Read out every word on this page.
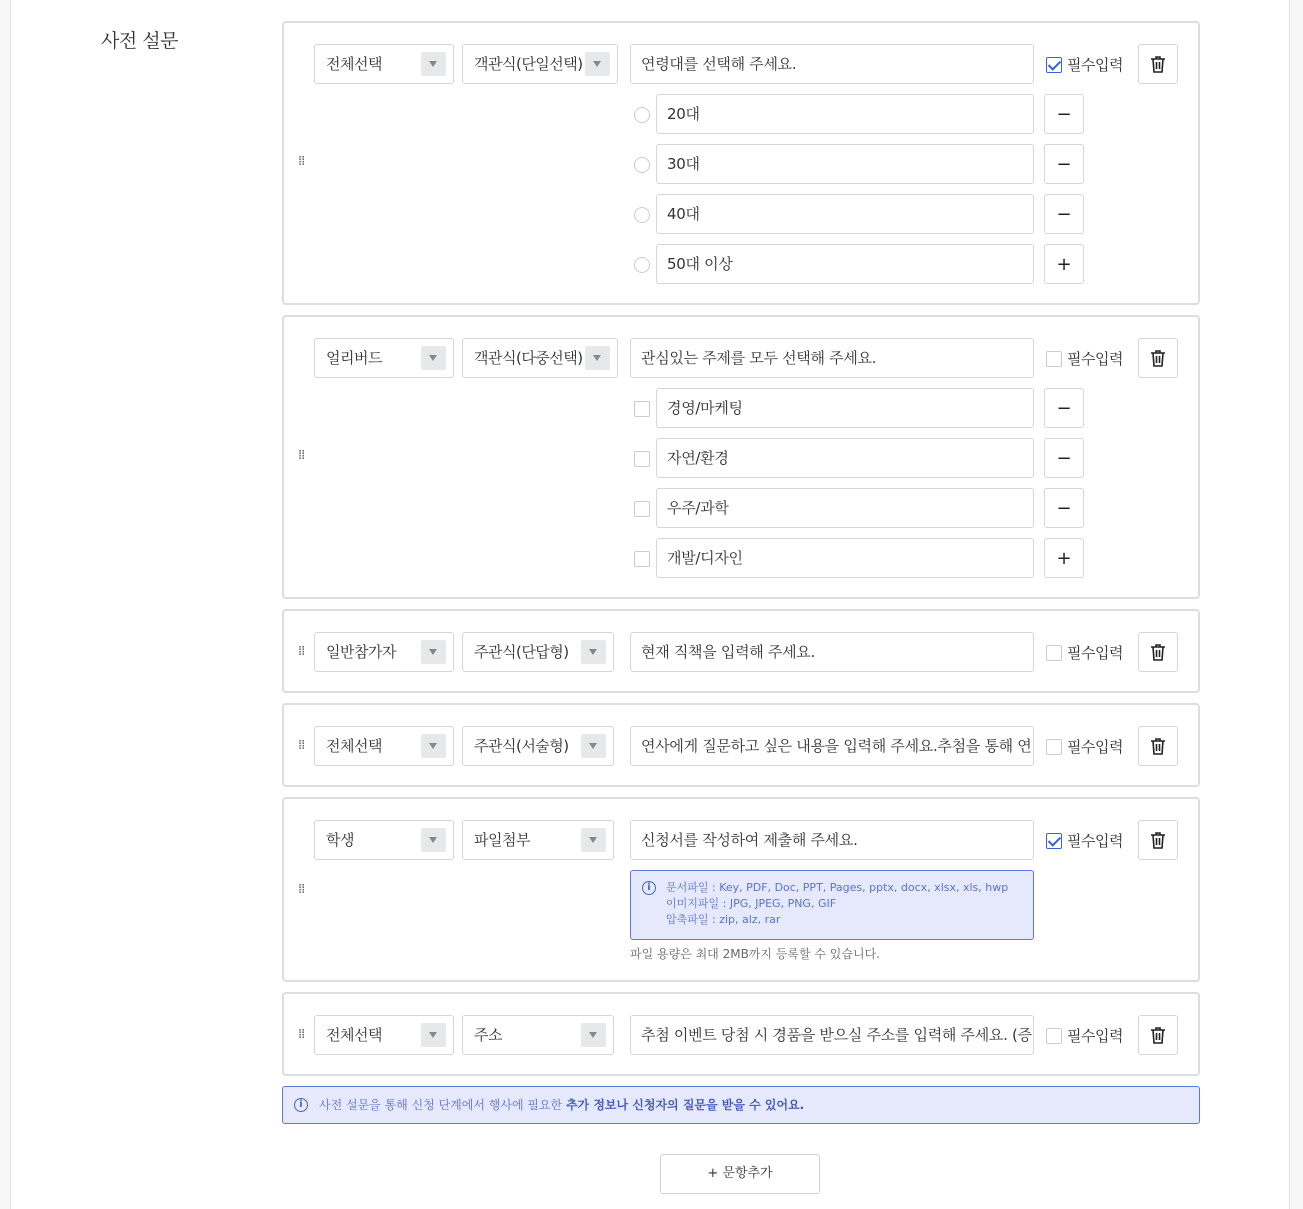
사전 설문
⁞⁞
전체선택	객관식(단일선택)	연령대를 선택해 주세요.	필수입력
20대	−
30대	−
40대	−
50대 이상	+
⁞⁞
얼리버드	객관식(다중선택)	관심있는 주제를 모두 선택해 주세요.	필수입력
경영/마케팅	−
자연/환경	−
우주/과학	−
개발/디자인	+
⁞⁞	일반참가자	주관식(단답형)	현재 직책을 입력해 주세요.	필수입력
⁞⁞	전체선택	주관식(서술형)	연사에게 질문하고 싶은 내용을 입력해 주세요.추첨을 통해 연	필수입력
⁞⁞
학생	파일첨부	신청서를 작성하여 제출해 주세요.	필수입력
i	문서파일 : Key, PDF, Doc, PPT, Pages, pptx, docx, xlsx, xls, hwp
이미지파일 : JPG, JPEG, PNG, GIF
압축파일 : zip, alz, rar
파일 용량은 최대 2MB까지 등록할 수 있습니다.
⁞⁞	전체선택	주소	추첨 이벤트 당첨 시 경품을 받으실 주소를 입력해 주세요. (증	필수입력
i	사전 설문을 통해 신청 단계에서 행사에 필요한 추가 정보나 신청자의 질문을 받을 수 있어요.
+ 문항추가
